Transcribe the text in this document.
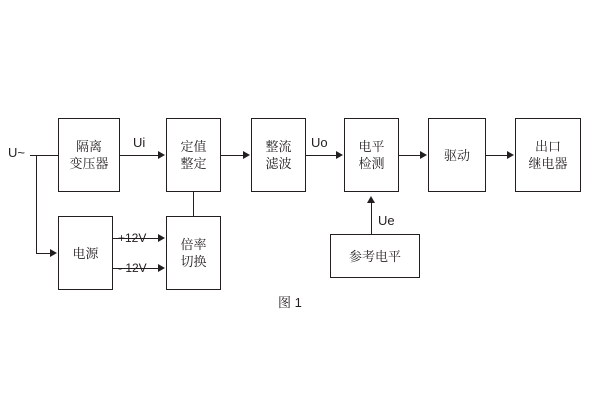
U~	隔离
变压器
定值
整定
整流
滤波
电平
检测
驱动
出口
继电器
电源
倍率
切换	参考电平
Ui	Uo
Ue
+12V
- 12V
图 1
